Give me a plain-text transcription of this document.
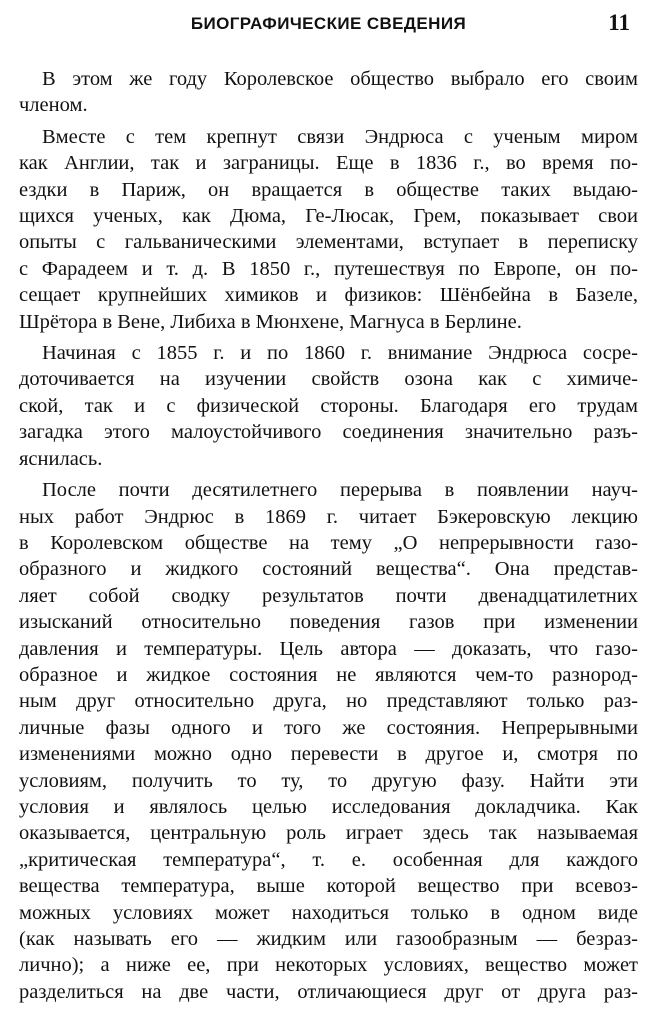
БИОГРАФИЧЕСКИЕ СВЕДЕНИЯ	11

В этом же году Королевское общество выбрало его своим
членом.

Вместе с тем крепнут связи Эндрюса с ученым миром
как Англии, так и заграницы. Еще в 1836 г., во время по-
ездки в Париж, он вращается в обществе таких выдаю-
щихся ученых, как Дюма, Ге-Люсак, Грем, показывает свои
опыты с гальваническими элементами, вступает в переписку
с Фарадеем и т. д. В 1850 г., путешествуя по Европе, он по-
сещает крупнейших химиков и физиков: Шёнбейна в Базеле,
Шрётора в Вене, Либиха в Мюнхене, Магнуса в Берлине.

Начиная с 1855 г. и по 1860 г. внимание Эндрюса сосре-
доточивается на изучении свойств озона как с химиче-
ской, так и с физической стороны. Благодаря его трудам
загадка этого малоустойчивого соединения значительно разъ-
яснилась.

После почти десятилетнего перерыва в появлении науч-
ных работ Эндрюс в 1869 г. читает Бэкеровскую лекцию
в Королевском обществе на тему „О непрерывности газо-
образного и жидкого состояний вещества“. Она представ-
ляет собой сводку результатов почти двенадцатилетних
изысканий относительно поведения газов при изменении
давления и температуры. Цель автора — доказать, что газо-
образное и жидкое состояния не являются чем-то разнород-
ным друг относительно друга, но представляют только раз-
личные фазы одного и того же состояния. Непрерывными
изменениями можно одно перевести в другое и, смотря по
условиям, получить то ту, то другую фазу. Найти эти
условия и являлось целью исследования докладчика. Как
оказывается, центральную роль играет здесь так называемая
„критическая температура“, т. е. особенная для каждого
вещества температура, выше которой вещество при всевоз-
можных условиях может находиться только в одном виде
(как называть его — жидким или газообразным — безраз-
лично); а ниже ее, при некоторых условиях, вещество может
разделиться на две части, отличающиеся друг от друга раз-
